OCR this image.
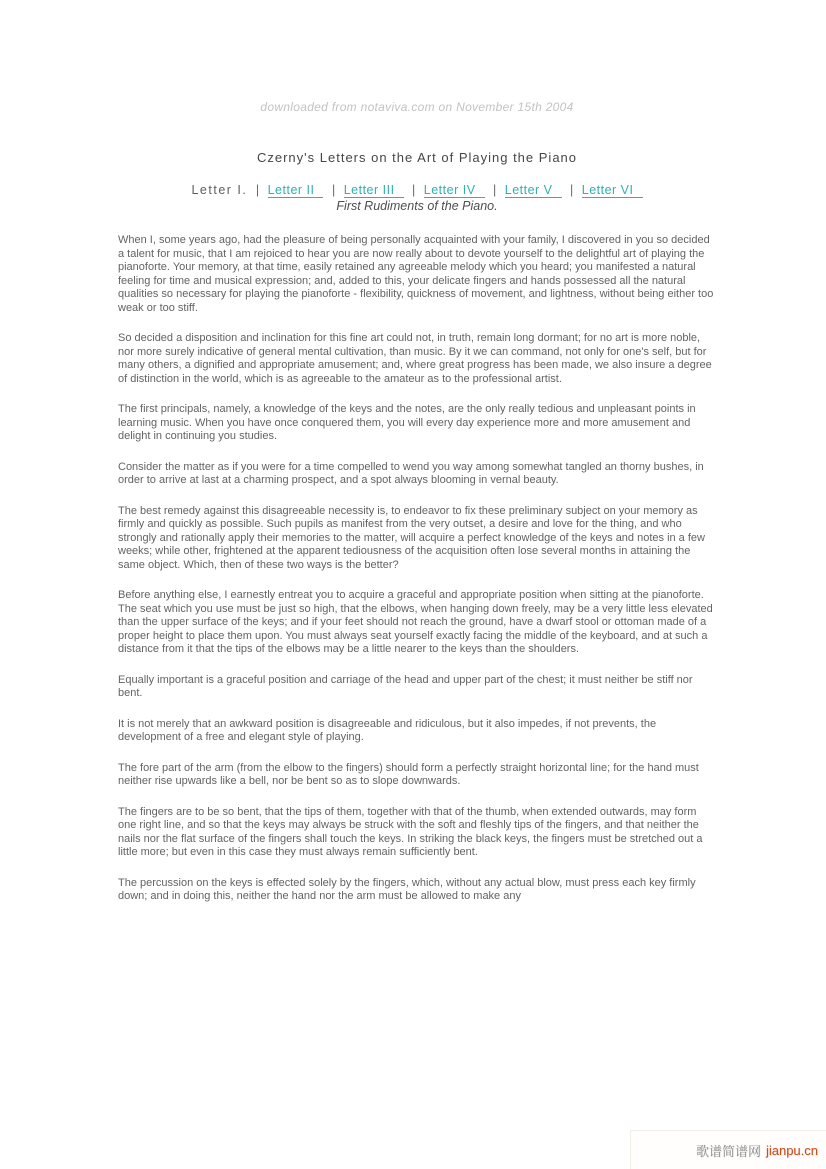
downloaded from notaviva.com on November 15th 2004
Czerny's Letters on the Art of Playing the Piano
Letter I. | Letter II | Letter III | Letter IV | Letter V | Letter VI
First Rudiments of the Piano.

When I, some years ago, had the pleasure of being personally acquainted with your family, I discovered in you so decided a talent for music, that I am rejoiced to hear you are now really about to devote yourself to the delightful art of playing the pianoforte. Your memory, at that time, easily retained any agreeable melody which you heard; you manifested a natural feeling for time and musical expression; and, added to this, your delicate fingers and hands possessed all the natural qualities so necessary for playing the pianoforte - flexibility, quickness of movement, and lightness, without being either too weak or too stiff.

So decided a disposition and inclination for this fine art could not, in truth, remain long dormant; for no art is more noble, nor more surely indicative of general mental cultivation, than music. By it we can command, not only for one's self, but for many others, a dignified and appropriate amusement; and, where great progress has been made, we also insure a degree of distinction in the world, which is as agreeable to the amateur as to the professional artist.

The first principals, namely, a knowledge of the keys and the notes, are the only really tedious and unpleasant points in learning music. When you have once conquered them, you will every day experience more and more amusement and delight in continuing you studies.

Consider the matter as if you were for a time compelled to wend you way among somewhat tangled an thorny bushes, in order to arrive at last at a charming prospect, and a spot always blooming in vernal beauty.

The best remedy against this disagreeable necessity is, to endeavor to fix these preliminary subject on your memory as firmly and quickly as possible. Such pupils as manifest from the very outset, a desire and love for the thing, and who strongly and rationally apply their memories to the matter, will acquire a perfect knowledge of the keys and notes in a few weeks; while other, frightened at the apparent tediousness of the acquisition often lose several months in attaining the same object. Which, then of these two ways is the better?

Before anything else, I earnestly entreat you to acquire a graceful and appropriate position when sitting at the pianoforte. The seat which you use must be just so high, that the elbows, when hanging down freely, may be a very little less elevated than the upper surface of the keys; and if your feet should not reach the ground, have a dwarf stool or ottoman made of a proper height to place them upon. You must always seat yourself exactly facing the middle of the keyboard, and at such a distance from it that the tips of the elbows may be a little nearer to the keys than the shoulders.

Equally important is a graceful position and carriage of the head and upper part of the chest; it must neither be stiff nor bent.

It is not merely that an awkward position is disagreeable and ridiculous, but it also impedes, if not prevents, the development of a free and elegant style of playing.

The fore part of the arm (from the elbow to the fingers) should form a perfectly straight horizontal line; for the hand must neither rise upwards like a bell, nor be bent so as to slope downwards.

The fingers are to be so bent, that the tips of them, together with that of the thumb, when extended outwards, may form one right line, and so that the keys may always be struck with the soft and fleshly tips of the fingers, and that neither the nails nor the flat surface of the fingers shall touch the keys. In striking the black keys, the fingers must be stretched out a little more; but even in this case they must always remain sufficiently bent.

The percussion on the keys is effected solely by the fingers, which, without any actual blow, must press each key firmly down; and in doing this, neither the hand nor the arm must be allowed to make any

歌谱简谱网 jianpu.cn
